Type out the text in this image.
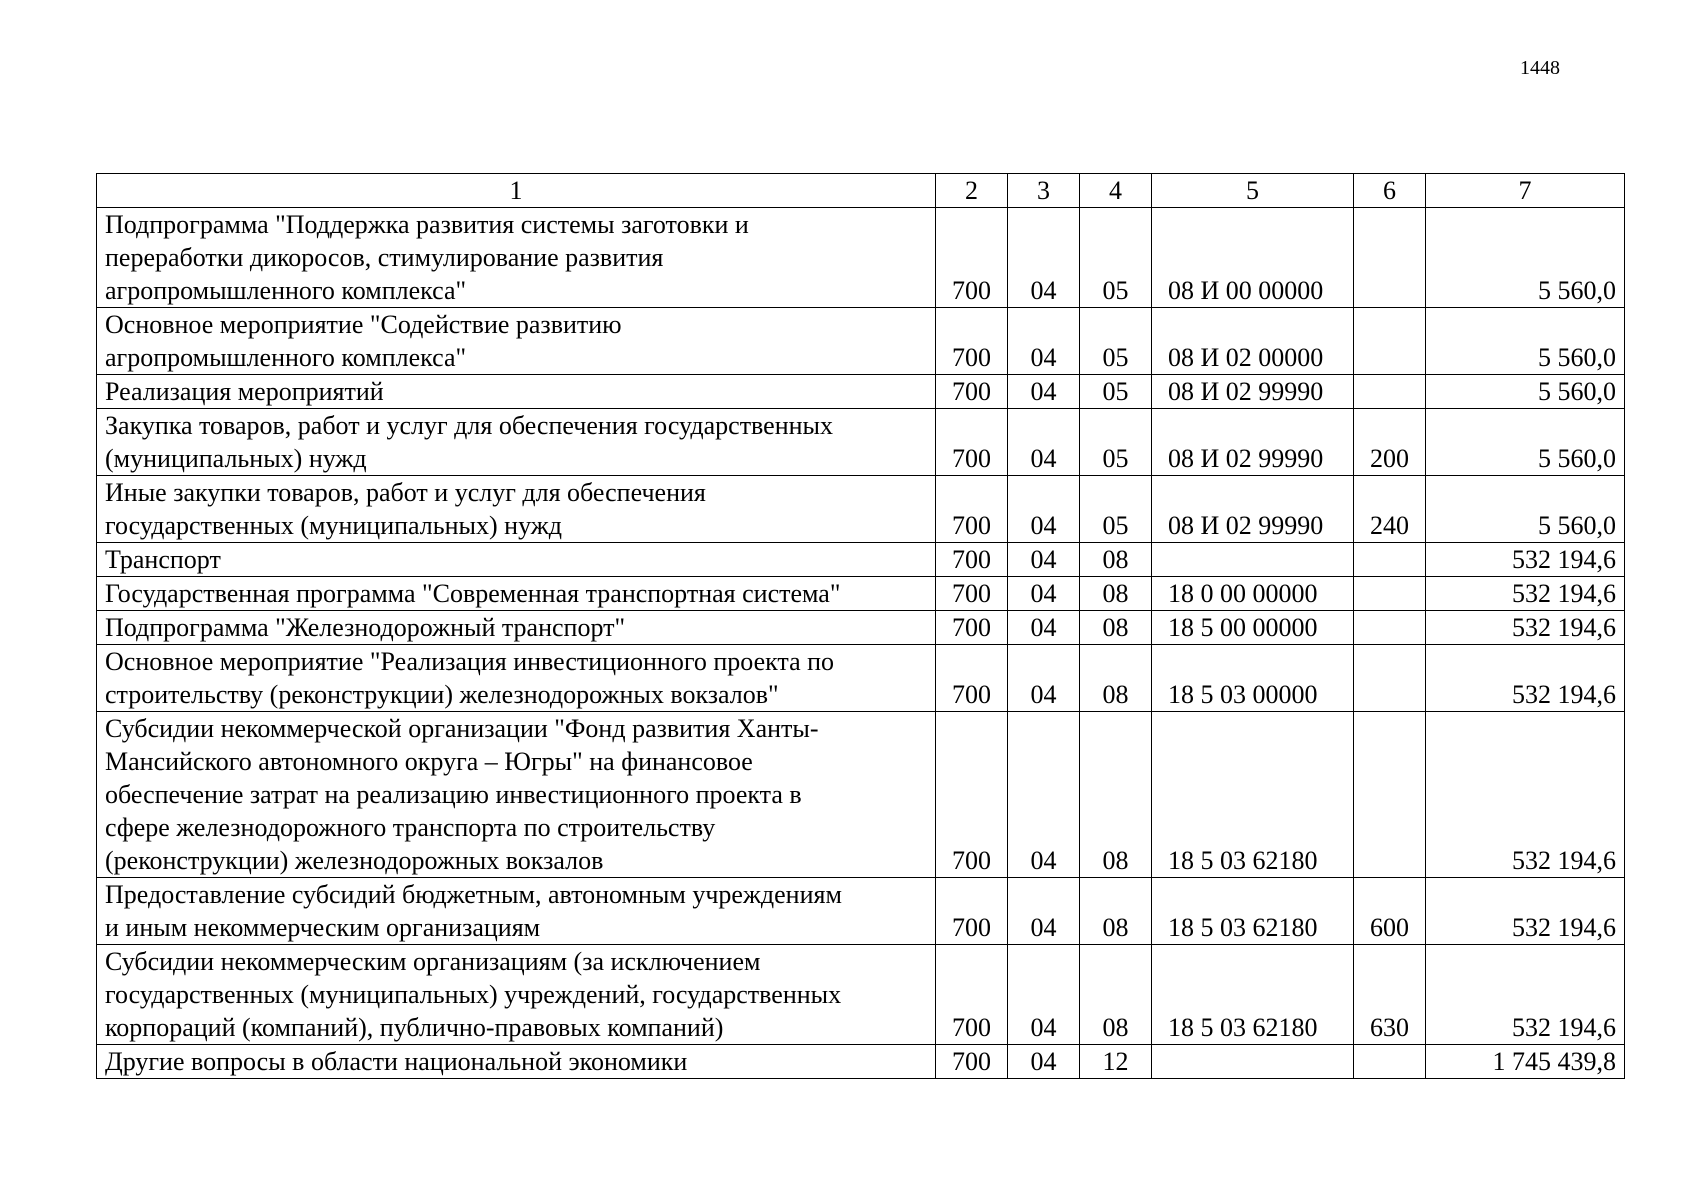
1448
1	2	3	4	5	6	7

Подпрограмма "Поддержка развития системы заготовки и
переработки дикоросов, стимулирование развития
агропромышленного комплекса"	700	04	05	08 И 00 00000		5 560,0

Основное мероприятие "Содействие развитию
агропромышленного комплекса"	700	04	05	08 И 02 00000		5 560,0

Реализация мероприятий	700	04	05	08 И 02 99990		5 560,0

Закупка товаров, работ и услуг для обеспечения государственных
(муниципальных) нужд	700	04	05	08 И 02 99990	200	5 560,0

Иные закупки товаров, работ и услуг для обеспечения
государственных (муниципальных) нужд	700	04	05	08 И 02 99990	240	5 560,0

Транспорт	700	04	08			532 194,6

Государственная программа "Современная транспортная система"	700	04	08	18 0 00 00000		532 194,6

Подпрограмма "Железнодорожный транспорт"	700	04	08	18 5 00 00000		532 194,6

Основное мероприятие "Реализация инвестиционного проекта по
строительству (реконструкции) железнодорожных вокзалов"	700	04	08	18 5 03 00000		532 194,6

Субсидии некоммерческой организации "Фонд развития Ханты-
Мансийского автономного округа – Югры" на финансовое
обеспечение затрат на реализацию инвестиционного проекта в
сфере железнодорожного транспорта по строительству
(реконструкции) железнодорожных вокзалов	700	04	08	18 5 03 62180		532 194,6

Предоставление субсидий бюджетным, автономным учреждениям
и иным некоммерческим организациям	700	04	08	18 5 03 62180	600	532 194,6

Субсидии некоммерческим организациям (за исключением
государственных (муниципальных) учреждений, государственных
корпораций (компаний), публично-правовых компаний)	700	04	08	18 5 03 62180	630	532 194,6

Другие вопросы в области национальной экономики	700	04	12			1 745 439,8
